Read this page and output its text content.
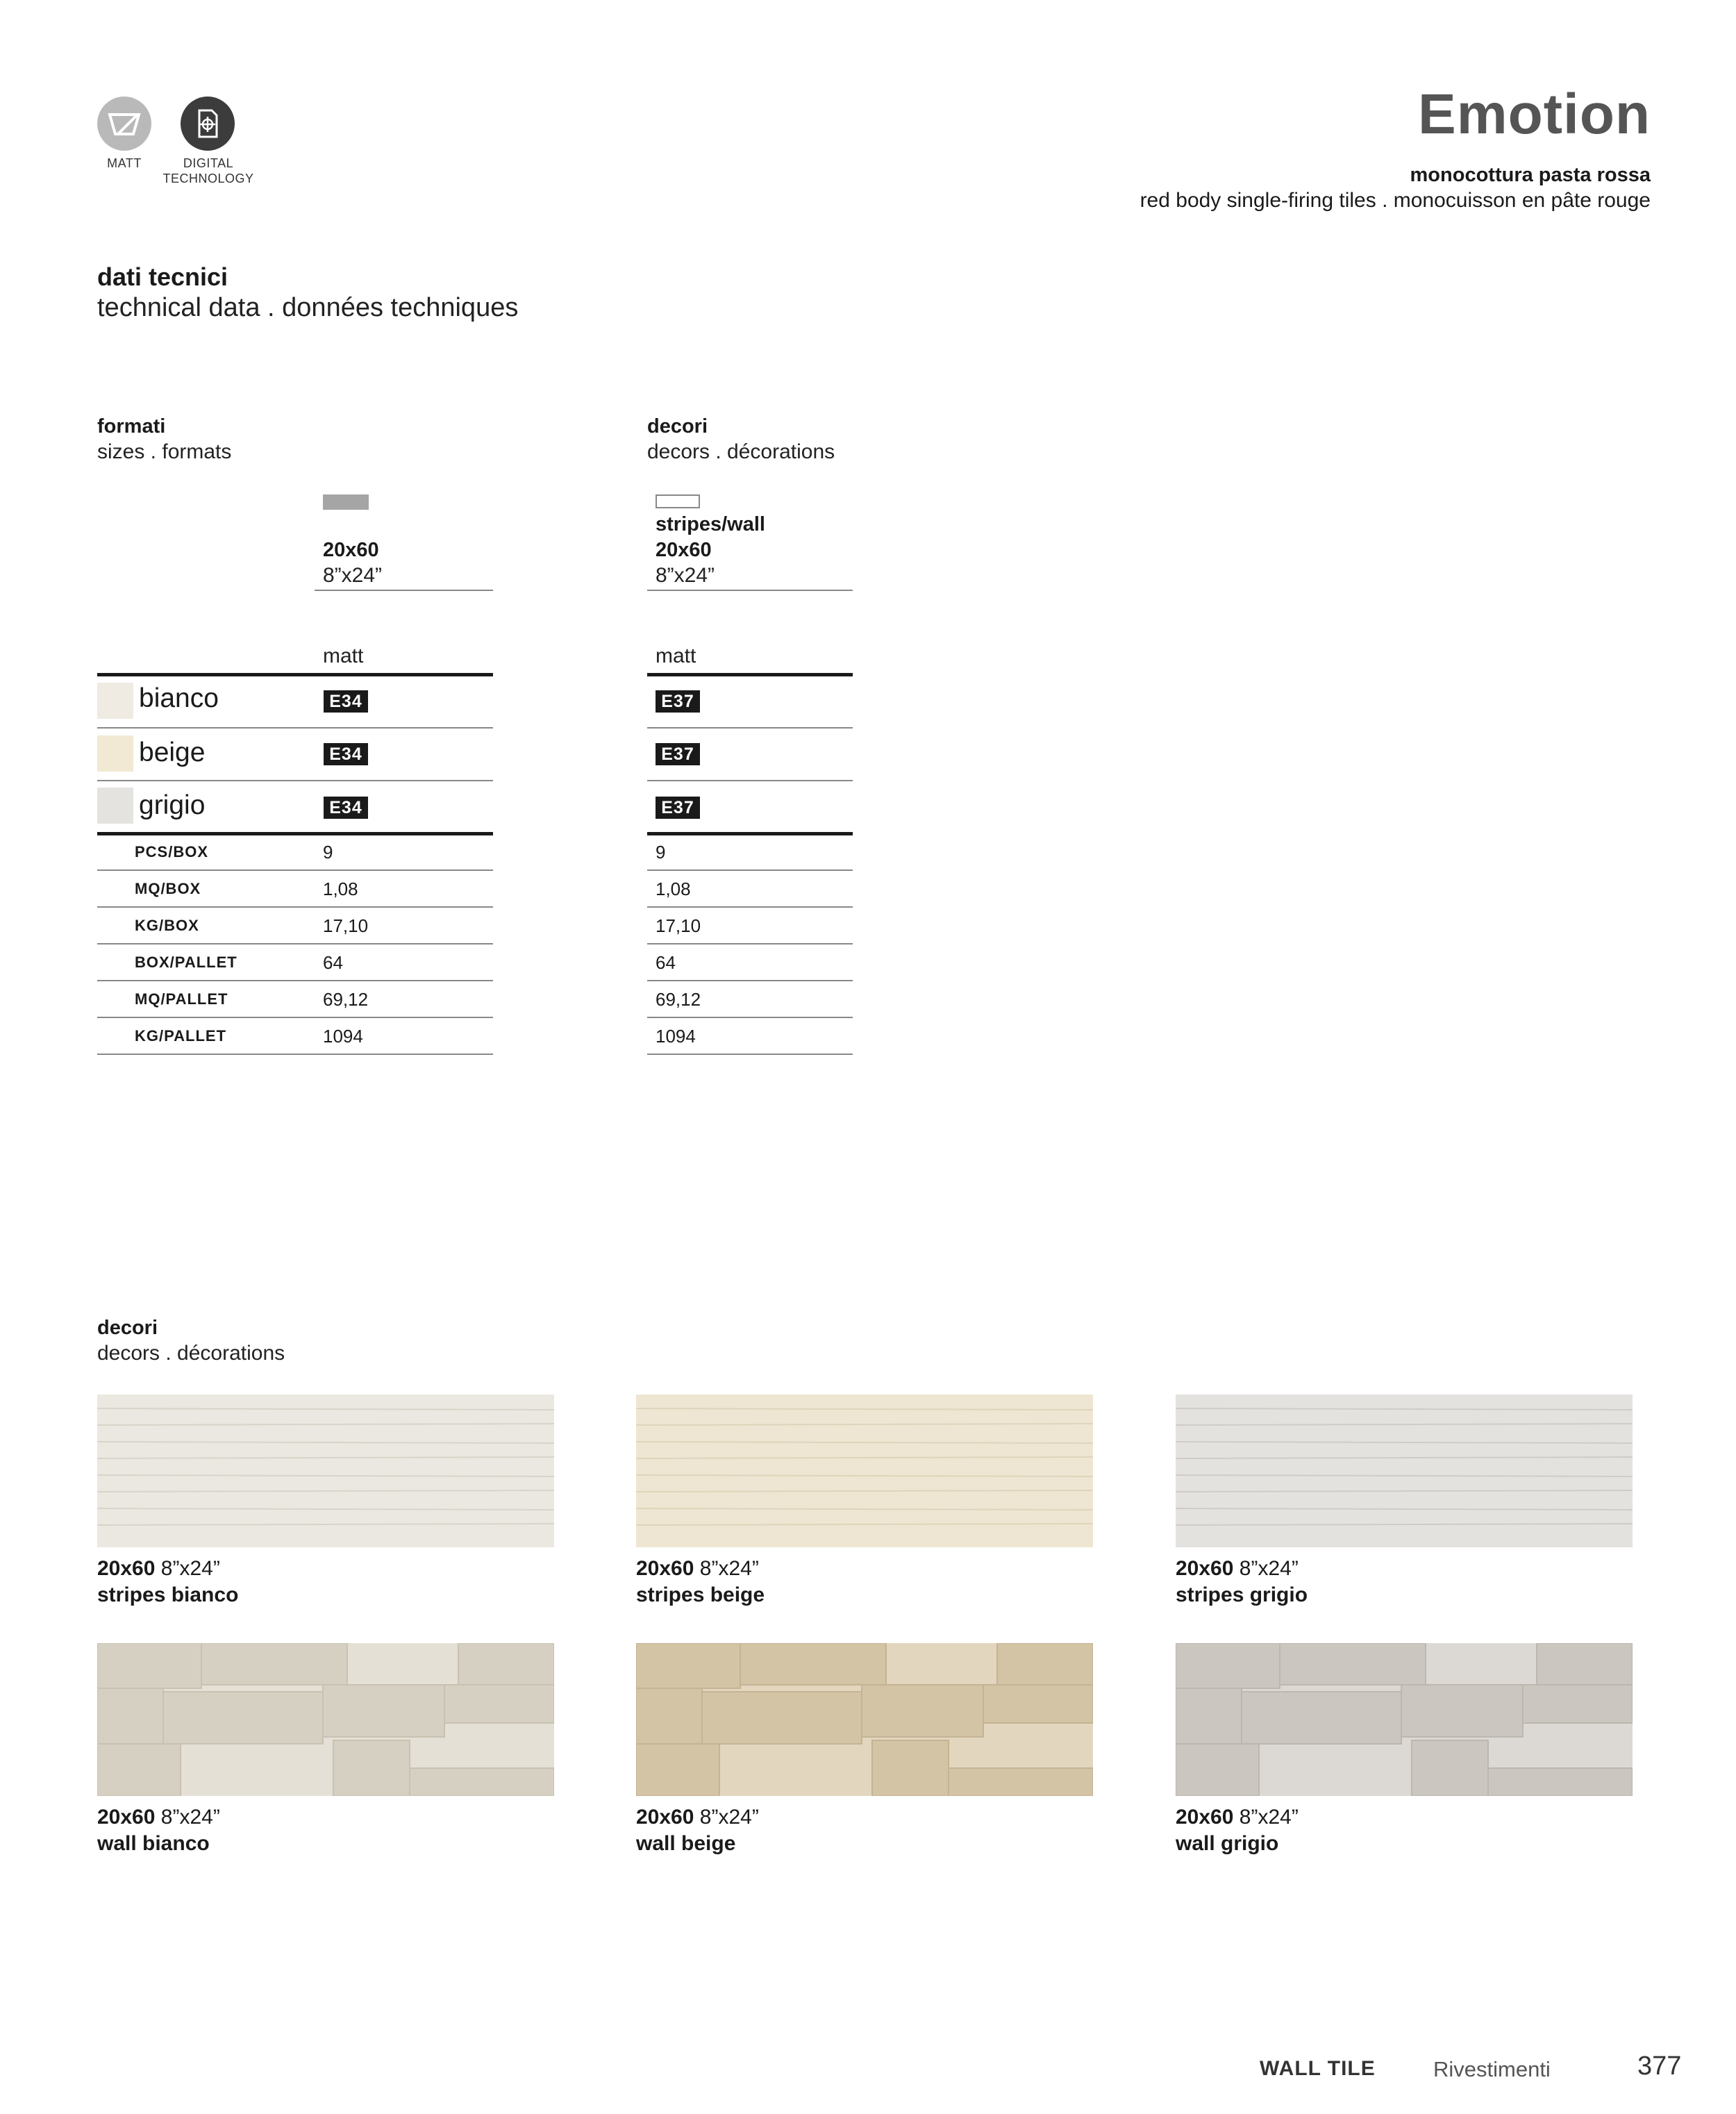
MATT	DIGITAL
TECHNOLOGY
Emotion
monocottura pasta rossa
red body single-firing tiles . monocuisson en pâte rouge
dati tecnici
technical data . données techniques
formati
sizes . formats
20x60
8”x24”
matt
decori
decors . décorations
stripes/wall
20x60
8”x24”
matt
bianco	E34	E37
beige	E34	E37
grigio	E34	E37
PCS/BOX	9	9
MQ/BOX	1,08	1,08
KG/BOX	17,10	17,10
BOX/PALLET	64	64
MQ/PALLET	69,12	69,12
KG/PALLET	1094	1094
decori
decors . décorations
20x60 8”x24”
stripes bianco
20x60 8”x24”
stripes beige
20x60 8”x24”
stripes grigio
20x60 8”x24”
wall bianco
20x60 8”x24”
wall beige
20x60 8”x24”
wall grigio
WALL TILE	Rivestimenti	377
